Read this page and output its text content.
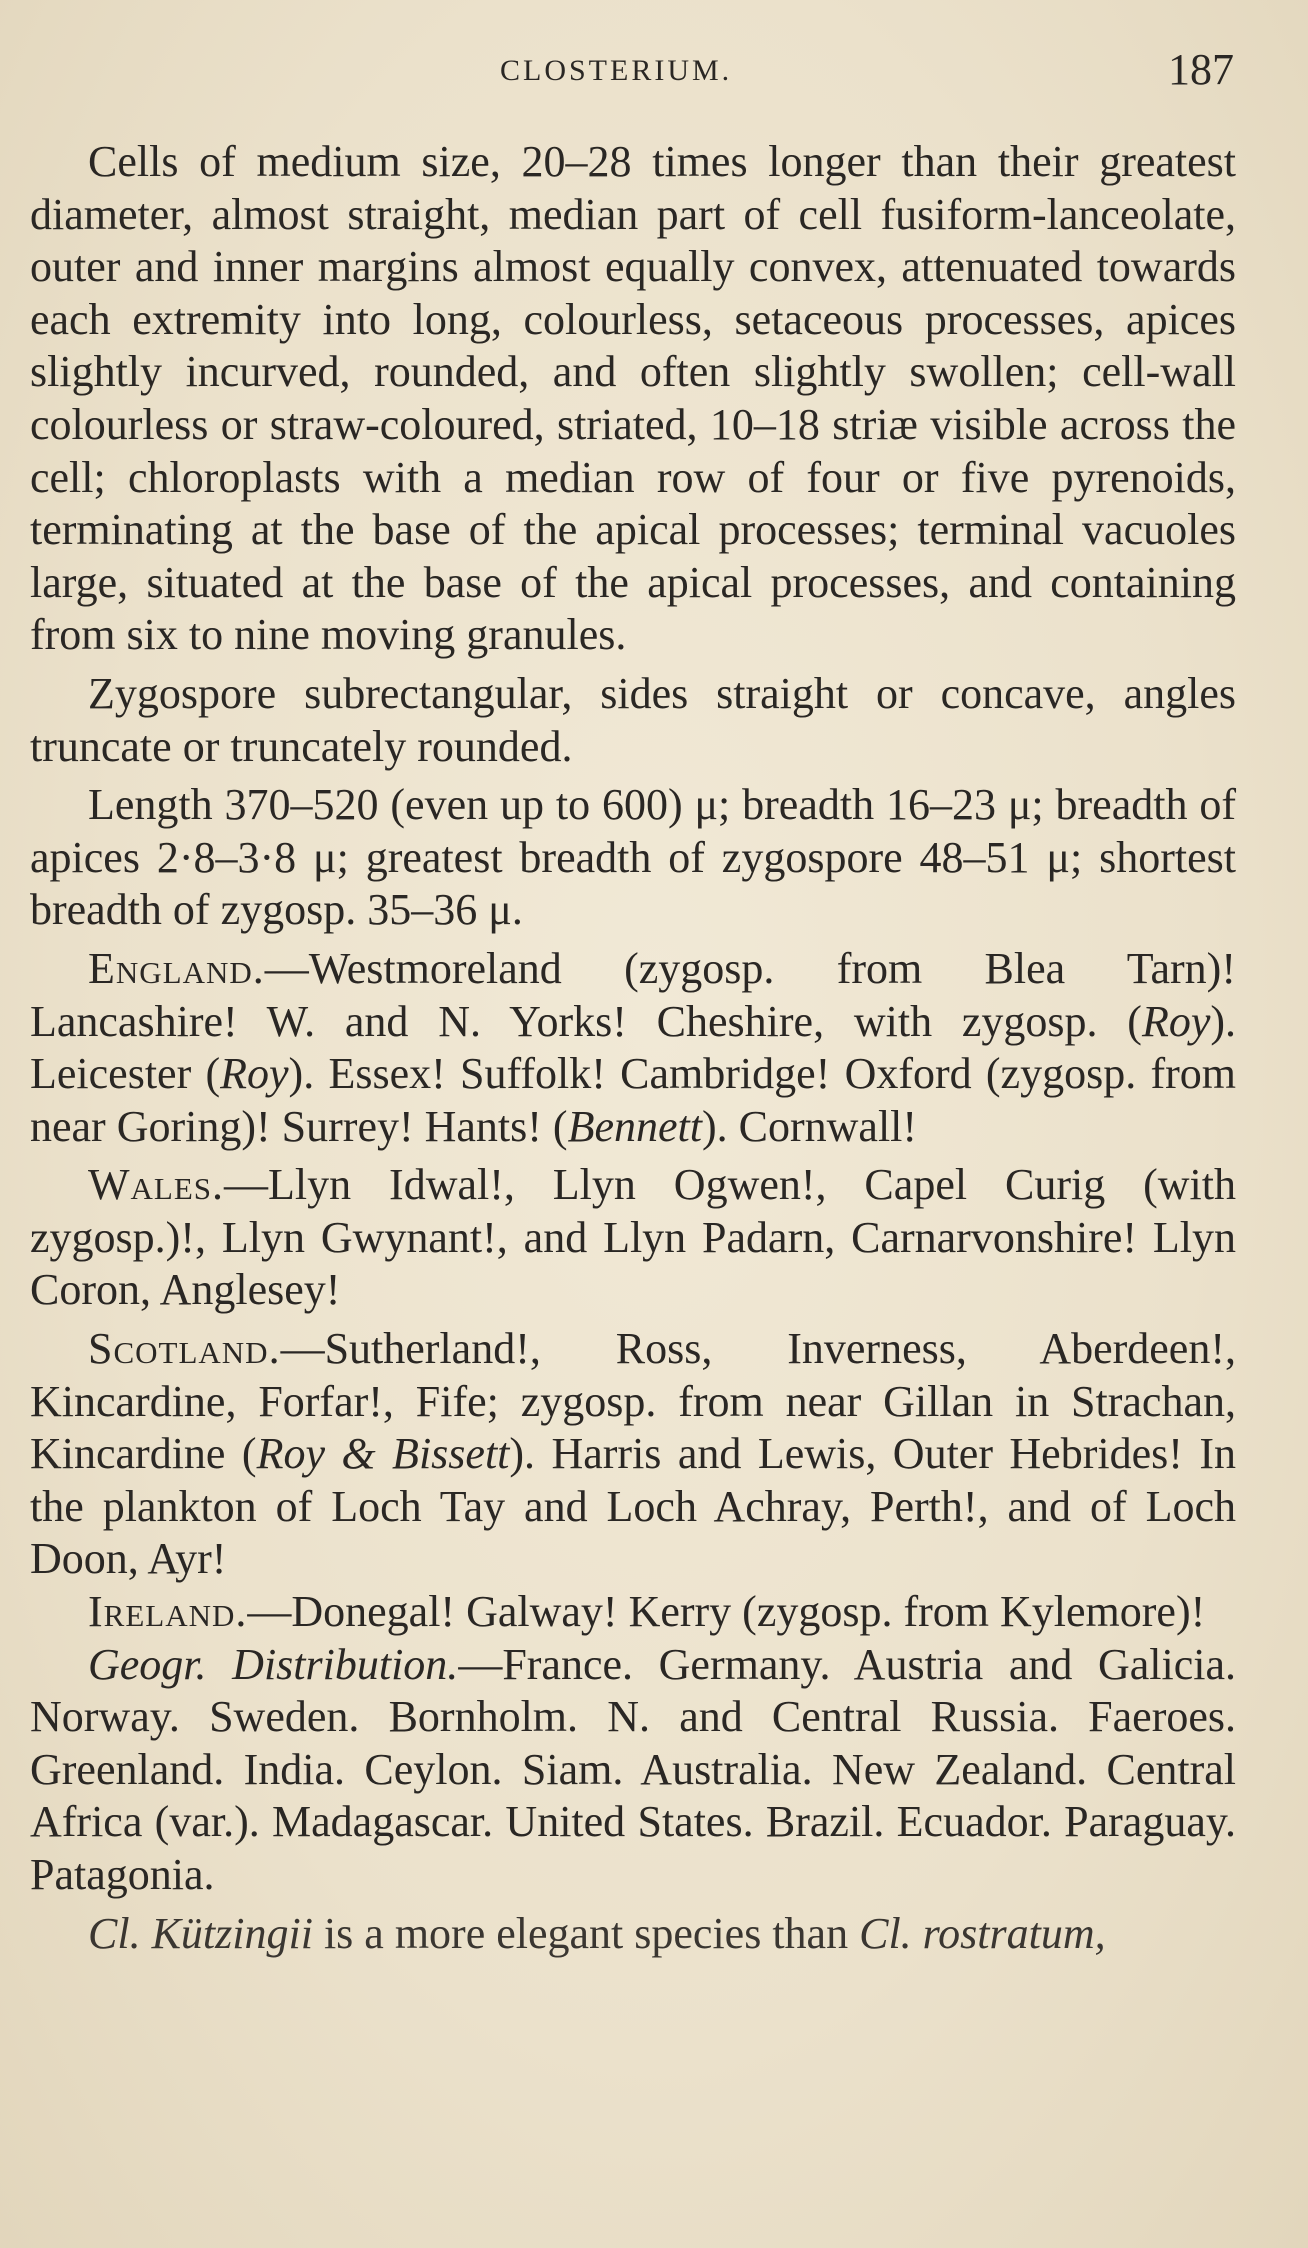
CLOSTERIUM.	187

Cells of medium size, 20–28 times longer than their greatest diameter, almost straight, median part of cell fusiform-lanceolate, outer and inner margins almost equally convex, attenuated towards each extremity into long, colourless, setaceous processes, apices slightly incurved, rounded, and often slightly swollen; cell-wall colourless or straw-coloured, striated, 10–18 striæ visible across the cell; chloroplasts with a median row of four or five pyrenoids, terminating at the base of the apical processes; terminal vacuoles large, situated at the base of the apical processes, and containing from six to nine moving granules.

Zygospore subrectangular, sides straight or concave, angles truncate or truncately rounded.

Length 370–520 (even up to 600) μ; breadth 16–23 μ; breadth of apices 2·8–3·8 μ; greatest breadth of zygospore 48–51 μ; shortest breadth of zygosp. 35–36 μ.

England.—Westmoreland (zygosp. from Blea Tarn)! Lancashire! W. and N. Yorks! Cheshire, with zygosp. (Roy). Leicester (Roy). Essex! Suffolk! Cambridge! Oxford (zygosp. from near Goring)! Surrey! Hants! (Bennett). Cornwall!

Wales.—Llyn Idwal!, Llyn Ogwen!, Capel Curig (with zygosp.)!, Llyn Gwynant!, and Llyn Padarn, Carnarvonshire! Llyn Coron, Anglesey!

Scotland.—Sutherland!, Ross, Inverness, Aberdeen!, Kincardine, Forfar!, Fife; zygosp. from near Gillan in Strachan, Kincardine (Roy & Bissett). Harris and Lewis, Outer Hebrides! In the plankton of Loch Tay and Loch Achray, Perth!, and of Loch Doon, Ayr!

Ireland.—Donegal! Galway! Kerry (zygosp. from Kylemore)!

Geogr. Distribution.—France. Germany. Austria and Galicia. Norway. Sweden. Bornholm. N. and Central Russia. Faeroes. Greenland. India. Ceylon. Siam. Australia. New Zealand. Central Africa (var.). Madagascar. United States. Brazil. Ecuador. Paraguay. Patagonia.

Cl. Kützingii is a more elegant species than Cl. rostratum,
